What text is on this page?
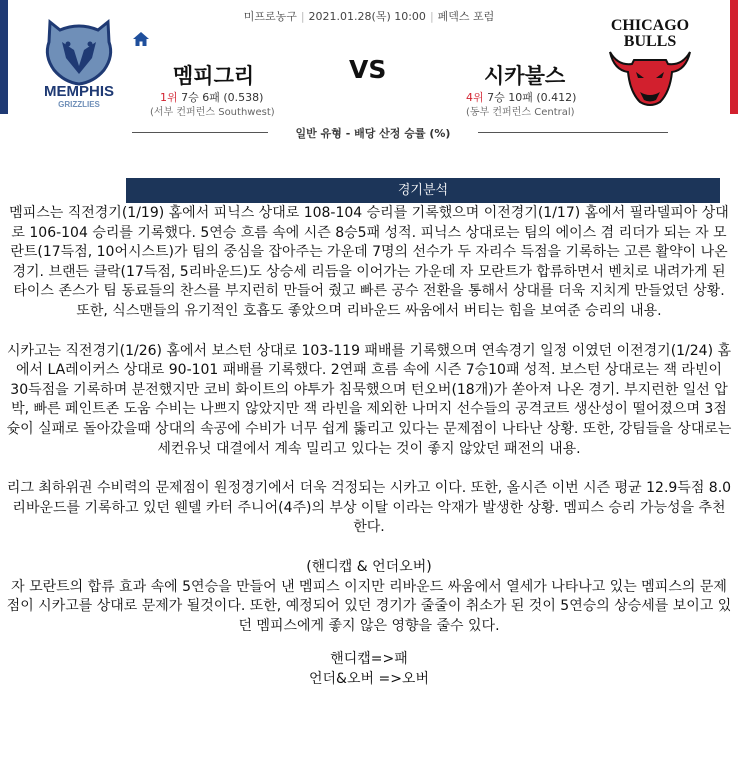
미프로농구 | 2021.01.28(목) 10:00 | 페덱스 포럼
MEMPHIS
GRIZZLIES
CHICAGO
BULLS
멤피그리	VS	시카불스
1위 7승 6패 (0.538)	4위 7승 10패 (0.412)
(서부 컨퍼런스 Southwest)	(동부 컨퍼런스 Central)
일반 유형 - 배당 산정 승률 (%)
경기분석

멤피스는 직전경기(1/19) 홈에서 피닉스 상대로 108-104 승리를 기록했으며 이전경기(1/17) 홈에서 필라델피아 상대로 106-104 승리를 기록했다. 5연승 흐름 속에 시즌 8승5패 성적. 피닉스 상대로는 팀의 에이스 겸 리더가 되는 자 모란트(17득점, 10어시스트)가 팀의 중심을 잡아주는 가운데 7명의 선수가 두 자리수 득점을 기록하는 고른 활약이 나온 경기. 브랜든 클락(17득점, 5리바운드)도 상승세 리듬을 이어가는 가운데 자 모란트가 합류하면서 벤치로 내려가게 된 타이스 존스가 팀 동료들의 찬스를 부지런히 만들어 줬고 빠른 공수 전환을 통해서 상대를 더욱 지치게 만들었던 상황. 또한, 식스맨들의 유기적인 호흡도 좋았으며 리바운드 싸움에서 버티는 힘을 보여준 승리의 내용.

시카고는 직전경기(1/26) 홈에서 보스턴 상대로 103-119 패배를 기록했으며 연속경기 일정 이였던 이전경기(1/24) 홈에서 LA레이커스 상대로 90-101 패배를 기록했다. 2연패 흐름 속에 시즌 7승10패 성적. 보스턴 상대로는 잭 라빈이 30득점을 기록하며 분전했지만 코비 화이트의 야투가 침묵했으며 턴오버(18개)가 쏟아져 나온 경기. 부지런한 일선 압박, 빠른 페인트존 도움 수비는 나쁘지 않았지만 잭 라빈을 제외한 나머지 선수들의 공격코트 생산성이 떨어졌으며 3점슛이 실패로 돌아갔을때 상대의 속공에 수비가 너무 쉽게 뚫리고 있다는 문제점이 나타난 상황. 또한, 강팀들을 상대로는 세컨유닛 대결에서 계속 밀리고 있다는 것이 좋지 않았던 패전의 내용.

리그 최하위권 수비력의 문제점이 원정경기에서 더욱 걱정되는 시카고 이다. 또한, 올시즌 이번 시즌 평균 12.9득점 8.0리바운드를 기록하고 있던 웬델 카터 주니어(4주)의 부상 이탈 이라는 악재가 발생한 상황. 멤피스 승리 가능성을 추천 한다.

(핸디캡 & 언더오버)

자 모란트의 합류 효과 속에 5연승을 만들어 낸 멤피스 이지만 리바운드 싸움에서 열세가 나타나고 있는 멤피스의 문제점이 시카고를 상대로 문제가 될것이다. 또한, 예정되어 있던 경기가 줄줄이 취소가 된 것이 5연승의 상승세를 보이고 있던 멤피스에게 좋지 않은 영향을 줄수 있다.

핸디캡=>패

언더&오버 =>오버
